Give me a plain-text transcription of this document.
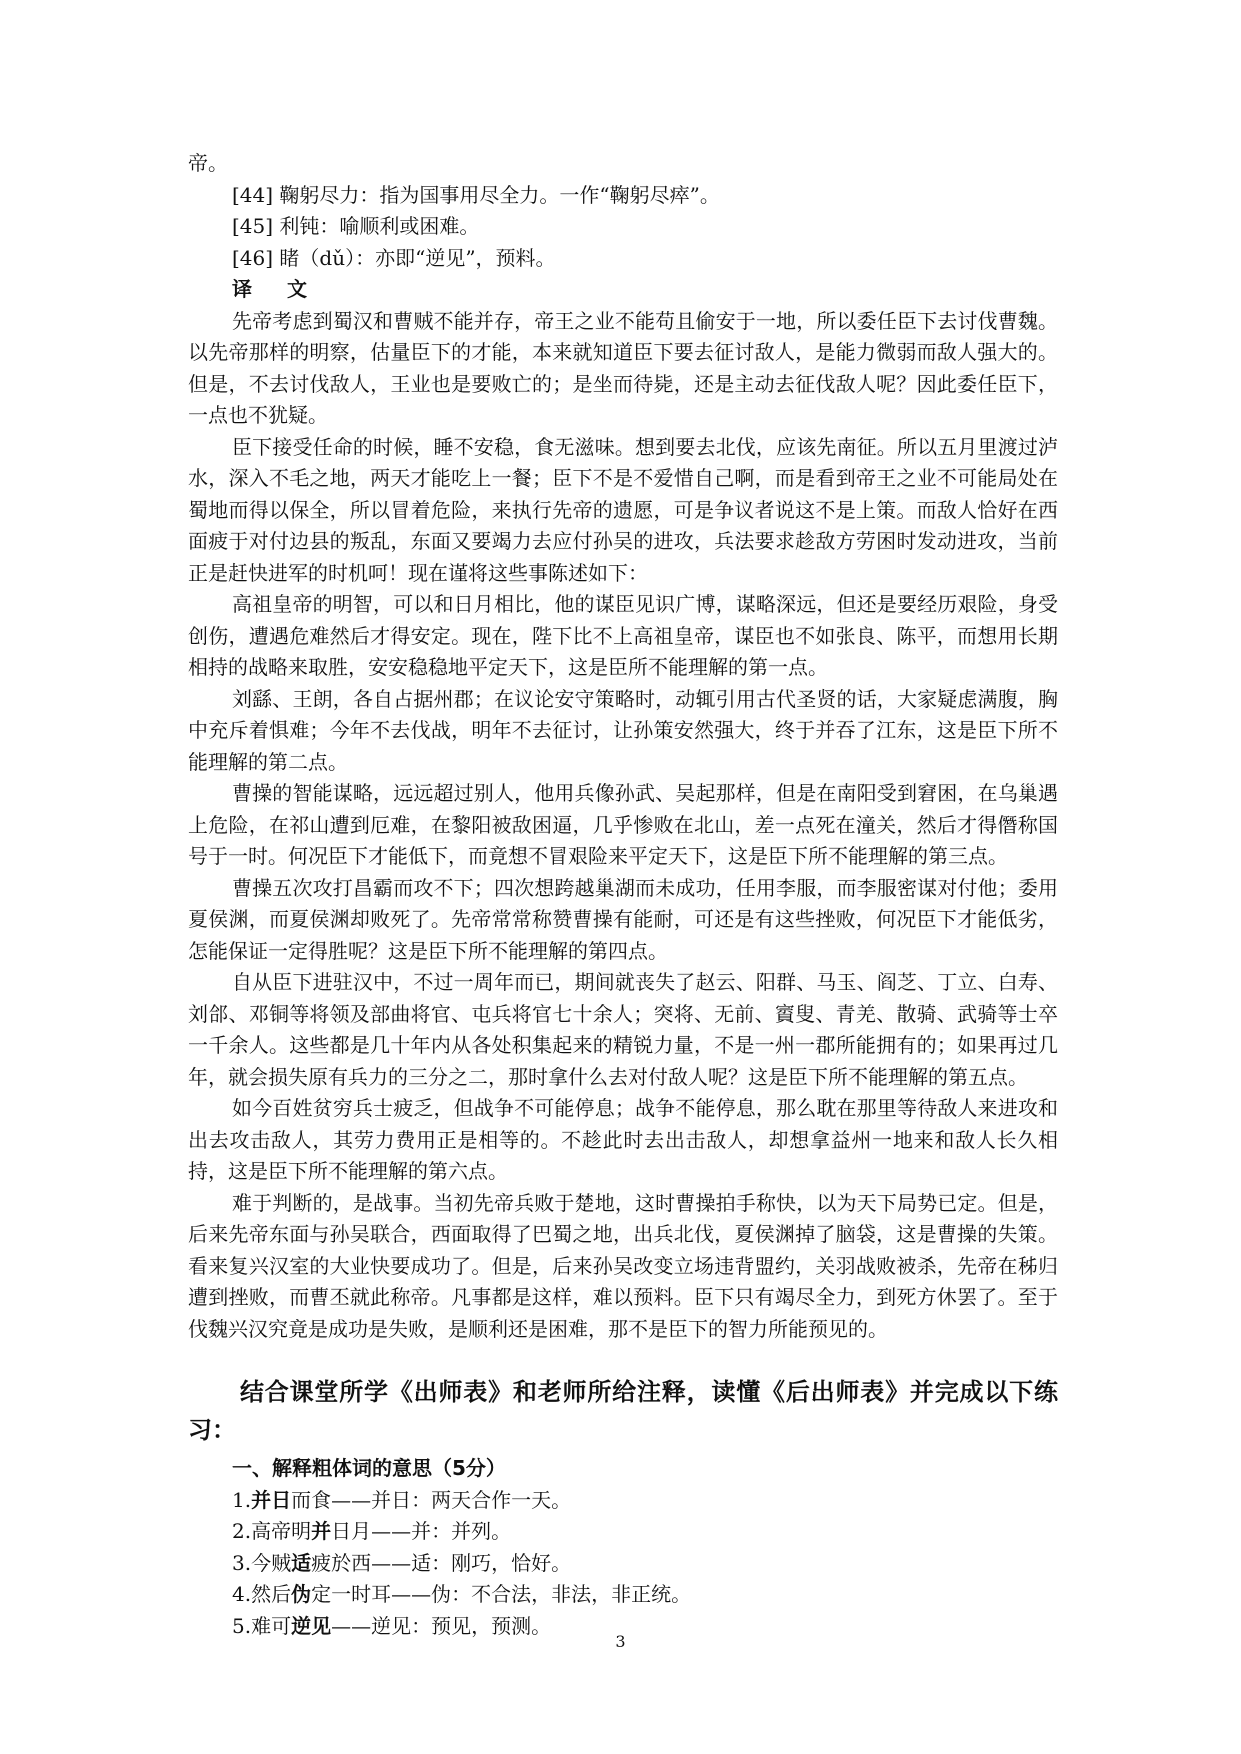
帝。

[44] 鞠躬尽力：指为国事用尽全力。一作“鞠躬尽瘁”。

[45] 利钝：喻顺利或困难。

[46] 睹（dǔ）：亦即“逆见”，预料。

译 文

先帝考虑到蜀汉和曹贼不能并存，帝王之业不能苟且偷安于一地，所以委任臣下去讨伐曹魏。以先帝那样的明察，估量臣下的才能，本来就知道臣下要去征讨敌人，是能力微弱而敌人强大的。但是，不去讨伐敌人，王业也是要败亡的；是坐而待毙，还是主动去征伐敌人呢？因此委任臣下，一点也不犹疑。

臣下接受任命的时候，睡不安稳，食无滋味。想到要去北伐，应该先南征。所以五月里渡过泸水，深入不毛之地，两天才能吃上一餐；臣下不是不爱惜自己啊，而是看到帝王之业不可能局处在蜀地而得以保全，所以冒着危险，来执行先帝的遗愿，可是争议者说这不是上策。而敌人恰好在西面疲于对付边县的叛乱，东面又要竭力去应付孙吴的进攻，兵法要求趁敌方劳困时发动进攻，当前正是赶快进军的时机呵！现在谨将这些事陈述如下：

高祖皇帝的明智，可以和日月相比，他的谋臣见识广博，谋略深远，但还是要经历艰险，身受创伤，遭遇危难然后才得安定。现在，陛下比不上高祖皇帝，谋臣也不如张良、陈平，而想用长期相持的战略来取胜，安安稳稳地平定天下，这是臣所不能理解的第一点。

刘繇、王朗，各自占据州郡；在议论安守策略时，动辄引用古代圣贤的话，大家疑虑满腹，胸中充斥着惧难；今年不去伐战，明年不去征讨，让孙策安然强大，终于并吞了江东，这是臣下所不能理解的第二点。

曹操的智能谋略，远远超过别人，他用兵像孙武、吴起那样，但是在南阳受到窘困，在乌巢遇上危险，在祁山遭到厄难，在黎阳被敌困逼，几乎惨败在北山，差一点死在潼关，然后才得僭称国号于一时。何况臣下才能低下，而竟想不冒艰险来平定天下，这是臣下所不能理解的第三点。

曹操五次攻打昌霸而攻不下；四次想跨越巢湖而未成功，任用李服，而李服密谋对付他；委用夏侯渊，而夏侯渊却败死了。先帝常常称赞曹操有能耐，可还是有这些挫败，何况臣下才能低劣，怎能保证一定得胜呢？这是臣下所不能理解的第四点。

自从臣下进驻汉中，不过一周年而已，期间就丧失了赵云、阳群、马玉、阎芝、丁立、白寿、刘郃、邓铜等将领及部曲将官、屯兵将官七十余人；突将、无前、賨叟、青羌、散骑、武骑等士卒一千余人。这些都是几十年内从各处积集起来的精锐力量，不是一州一郡所能拥有的；如果再过几年，就会损失原有兵力的三分之二，那时拿什么去对付敌人呢？这是臣下所不能理解的第五点。

如今百姓贫穷兵士疲乏，但战争不可能停息；战争不能停息，那么耽在那里等待敌人来进攻和出去攻击敌人，其劳力费用正是相等的。不趁此时去出击敌人，却想拿益州一地来和敌人长久相持，这是臣下所不能理解的第六点。

难于判断的，是战事。当初先帝兵败于楚地，这时曹操拍手称快，以为天下局势已定。但是，后来先帝东面与孙吴联合，西面取得了巴蜀之地，出兵北伐，夏侯渊掉了脑袋，这是曹操的失策。看来复兴汉室的大业快要成功了。但是，后来孙吴改变立场违背盟约，关羽战败被杀，先帝在秭归遭到挫败，而曹丕就此称帝。凡事都是这样，难以预料。臣下只有竭尽全力，到死方休罢了。至于伐魏兴汉究竟是成功是失败，是顺利还是困难，那不是臣下的智力所能预见的。

结合课堂所学《出师表》和老师所给注释，读懂《后出师表》并完成以下练习：

一、解释粗体词的意思（5分）

1.并日而食——并日：两天合作一天。

2.高帝明并日月——并：并列。

3.今贼适疲於西——适：刚巧，恰好。

4.然后伪定一时耳——伪：不合法，非法，非正统。

5.难可逆见——逆见：预见，预测。

3
